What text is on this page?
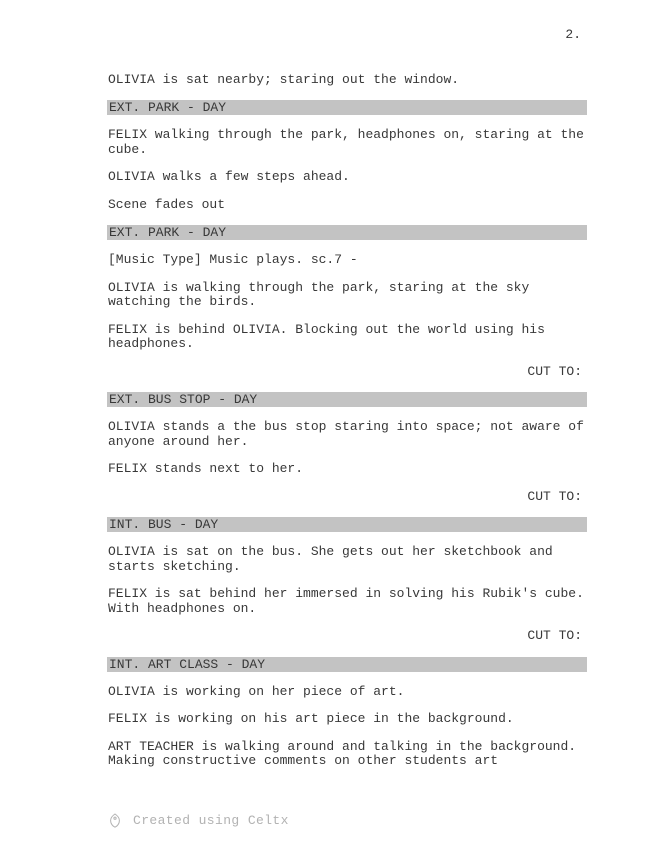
2.
OLIVIA is sat nearby; staring out the window.
EXT. PARK - DAY
FELIX walking through the park, headphones on, staring at the cube.
OLIVIA walks a few steps ahead.
Scene fades out
EXT. PARK - DAY
[Music Type] Music plays. sc.7 -
OLIVIA is walking through the park, staring at the sky watching the birds.
FELIX is behind OLIVIA. Blocking out the world using his headphones.
CUT TO:
EXT. BUS STOP - DAY
OLIVIA stands a the bus stop staring into space; not aware of anyone around her.
FELIX stands next to her.
CUT TO:
INT. BUS - DAY
OLIVIA is sat on the bus. She gets out her sketchbook and starts sketching.
FELIX is sat behind her immersed in solving his Rubik's cube. With headphones on.
CUT TO:
INT. ART CLASS - DAY
OLIVIA is working on her piece of art.
FELIX is working on his art piece in the background.
ART TEACHER is walking around and talking in the background. Making constructive comments on other students art
Created using Celtx
